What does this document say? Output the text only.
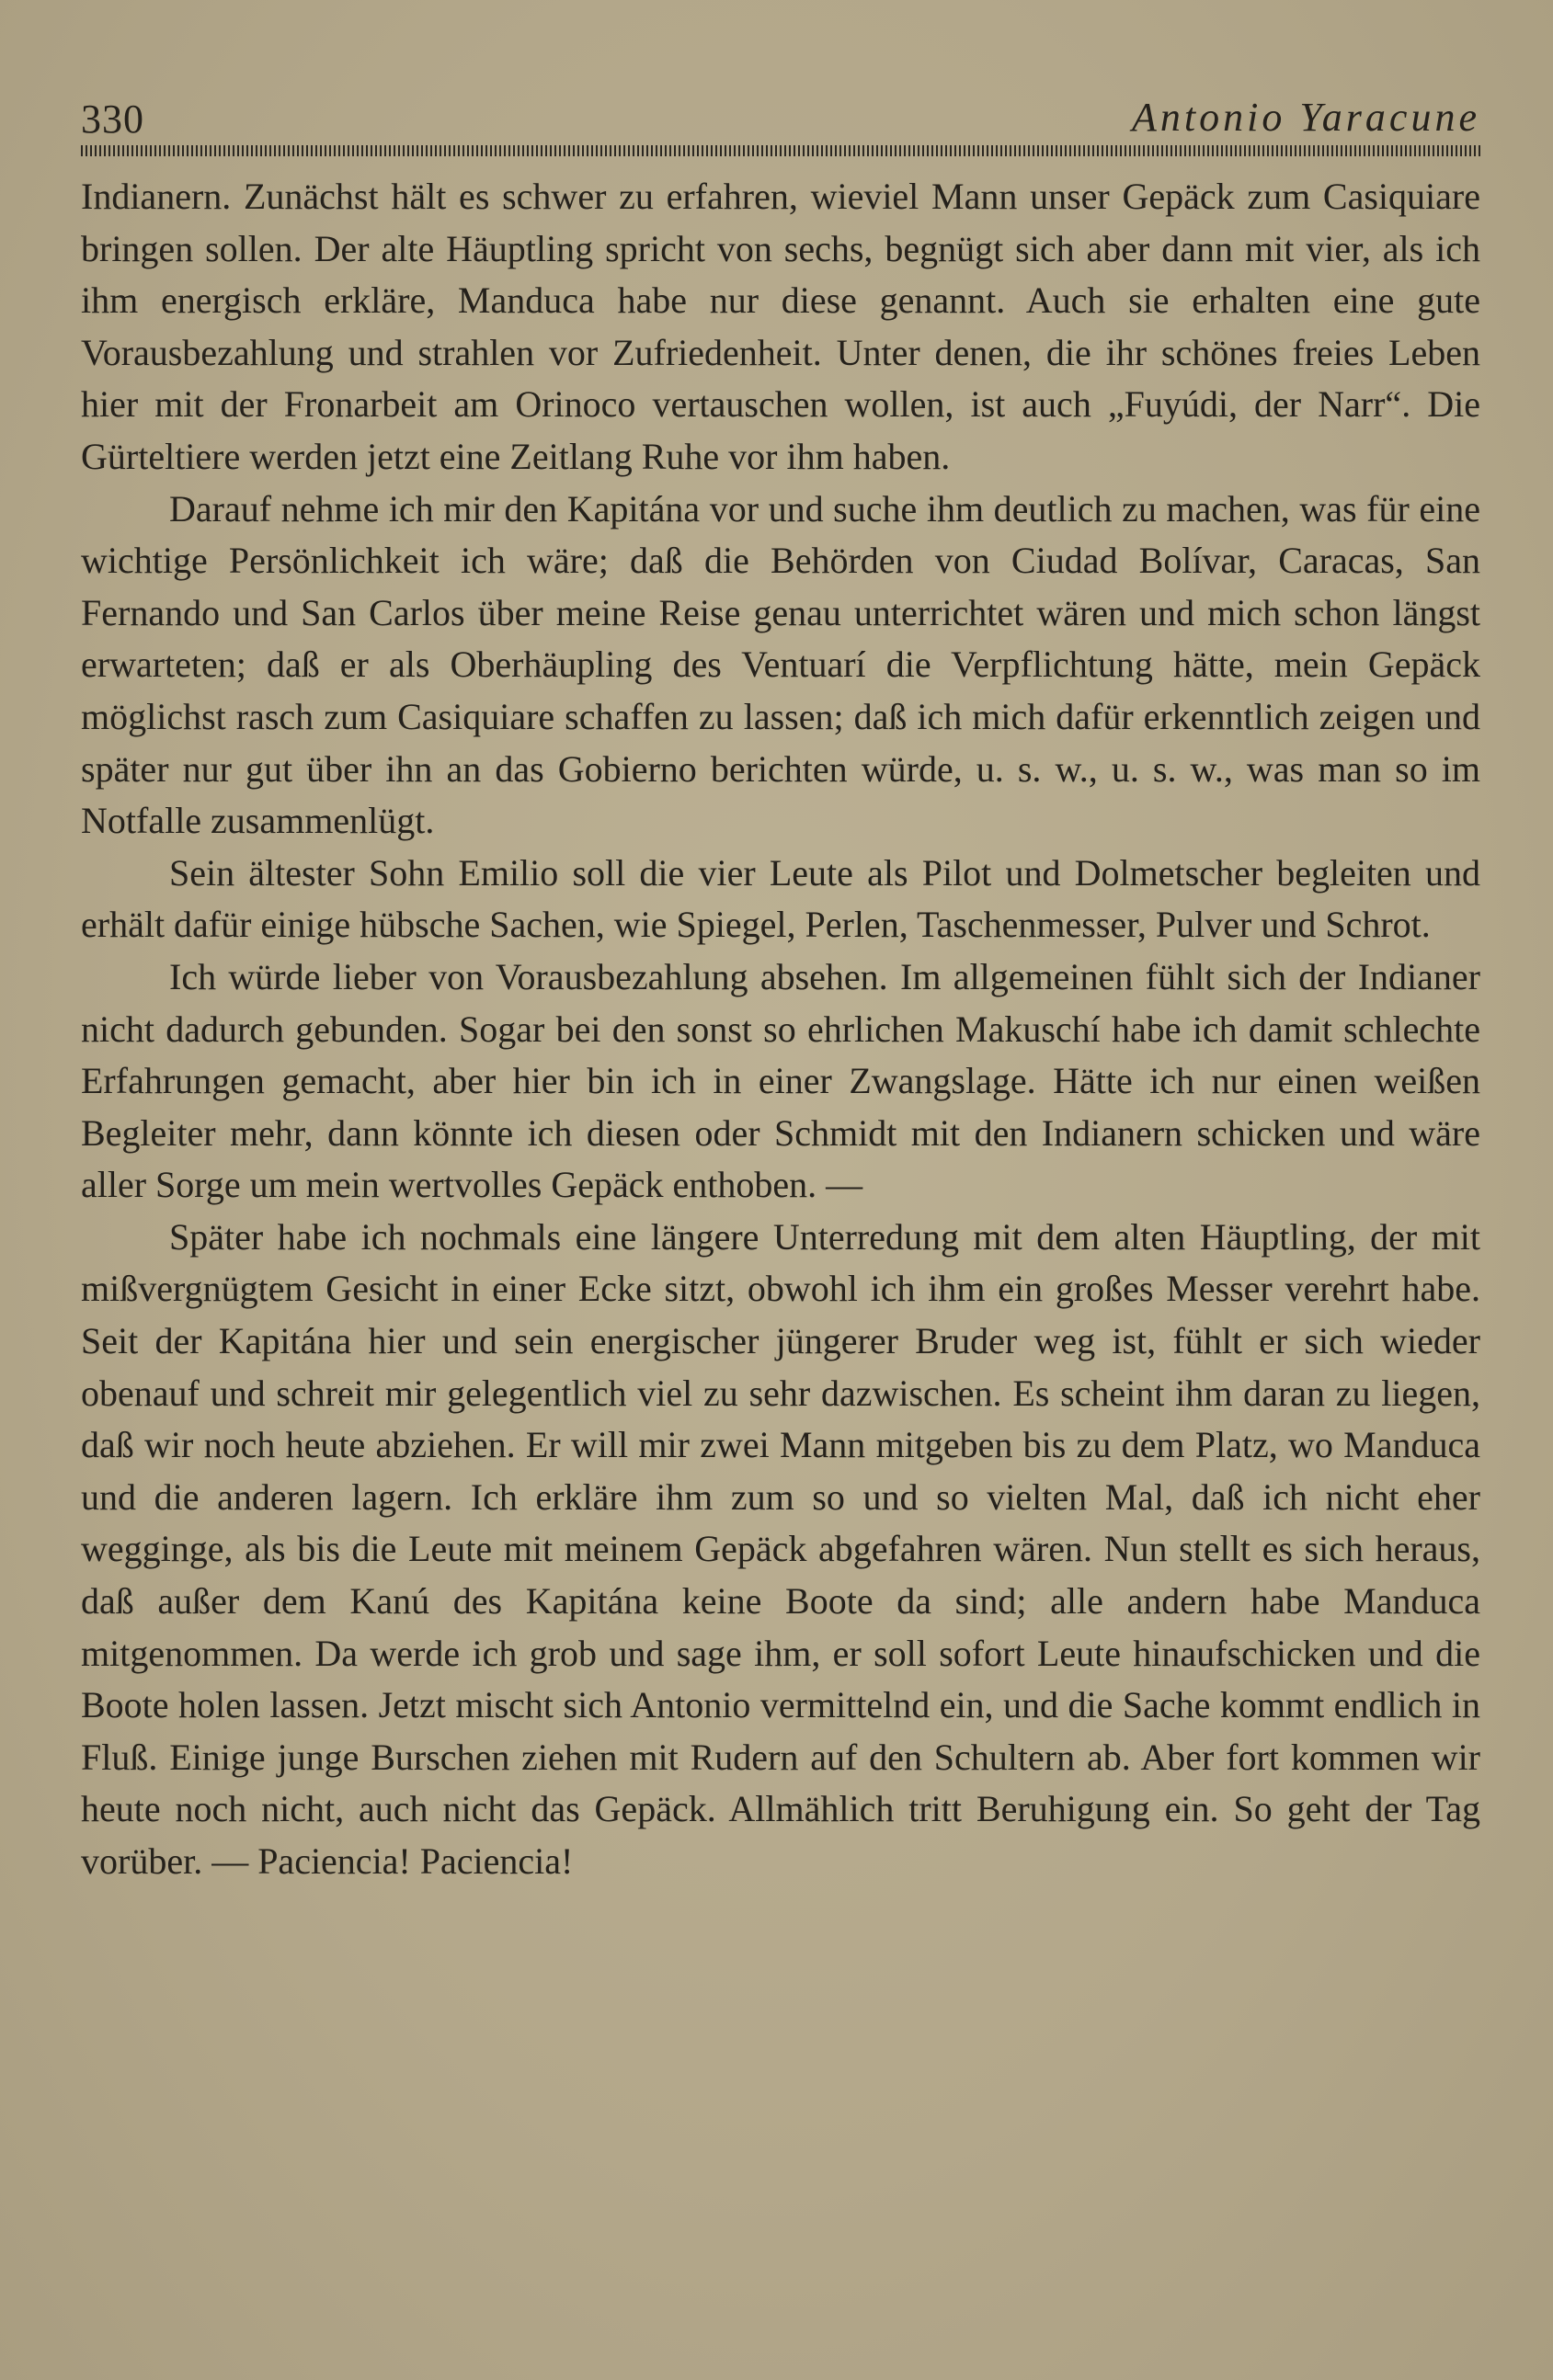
330	Antonio Yaracune

Indianern. Zunächst hält es schwer zu erfahren, wieviel Mann unser Gepäck zum Casiquiare bringen sollen. Der alte Häuptling spricht von sechs, begnügt sich aber dann mit vier, als ich ihm energisch erkläre, Manduca habe nur diese genannt. Auch sie erhalten eine gute Vorausbezahlung und strahlen vor Zufriedenheit. Unter denen, die ihr schönes freies Leben hier mit der Fronarbeit am Orinoco vertauschen wollen, ist auch „Fuyúdi, der Narr“. Die Gürteltiere werden jetzt eine Zeitlang Ruhe vor ihm haben.

Darauf nehme ich mir den Kapitána vor und suche ihm deutlich zu machen, was für eine wichtige Persönlichkeit ich wäre; daß die Behörden von Ciudad Bolívar, Caracas, San Fernando und San Carlos über meine Reise genau unterrichtet wären und mich schon längst erwarteten; daß er als Oberhäupling des Ventuarí die Verpflichtung hätte, mein Gepäck möglichst rasch zum Casiquiare schaffen zu lassen; daß ich mich dafür erkenntlich zeigen und später nur gut über ihn an das Gobierno berichten würde, u. s. w., u. s. w., was man so im Notfalle zusammenlügt.

Sein ältester Sohn Emilio soll die vier Leute als Pilot und Dolmetscher begleiten und erhält dafür einige hübsche Sachen, wie Spiegel, Perlen, Taschenmesser, Pulver und Schrot.

Ich würde lieber von Vorausbezahlung absehen. Im allgemeinen fühlt sich der Indianer nicht dadurch gebunden. Sogar bei den sonst so ehrlichen Makuschí habe ich damit schlechte Erfahrungen gemacht, aber hier bin ich in einer Zwangslage. Hätte ich nur einen weißen Begleiter mehr, dann könnte ich diesen oder Schmidt mit den Indianern schicken und wäre aller Sorge um mein wertvolles Gepäck enthoben. —

Später habe ich nochmals eine längere Unterredung mit dem alten Häuptling, der mit mißvergnügtem Gesicht in einer Ecke sitzt, obwohl ich ihm ein großes Messer verehrt habe. Seit der Kapitána hier und sein energischer jüngerer Bruder weg ist, fühlt er sich wieder obenauf und schreit mir gelegentlich viel zu sehr dazwischen. Es scheint ihm daran zu liegen, daß wir noch heute abziehen. Er will mir zwei Mann mitgeben bis zu dem Platz, wo Manduca und die anderen lagern. Ich erkläre ihm zum so und so vielten Mal, daß ich nicht eher wegginge, als bis die Leute mit meinem Gepäck abgefahren wären. Nun stellt es sich heraus, daß außer dem Kanú des Kapitána keine Boote da sind; alle andern habe Manduca mitgenommen. Da werde ich grob und sage ihm, er soll sofort Leute hinaufschicken und die Boote holen lassen. Jetzt mischt sich Antonio vermittelnd ein, und die Sache kommt endlich in Fluß. Einige junge Burschen ziehen mit Rudern auf den Schultern ab. Aber fort kommen wir heute noch nicht, auch nicht das Gepäck. Allmählich tritt Beruhigung ein. So geht der Tag vorüber. — Paciencia! Paciencia!
